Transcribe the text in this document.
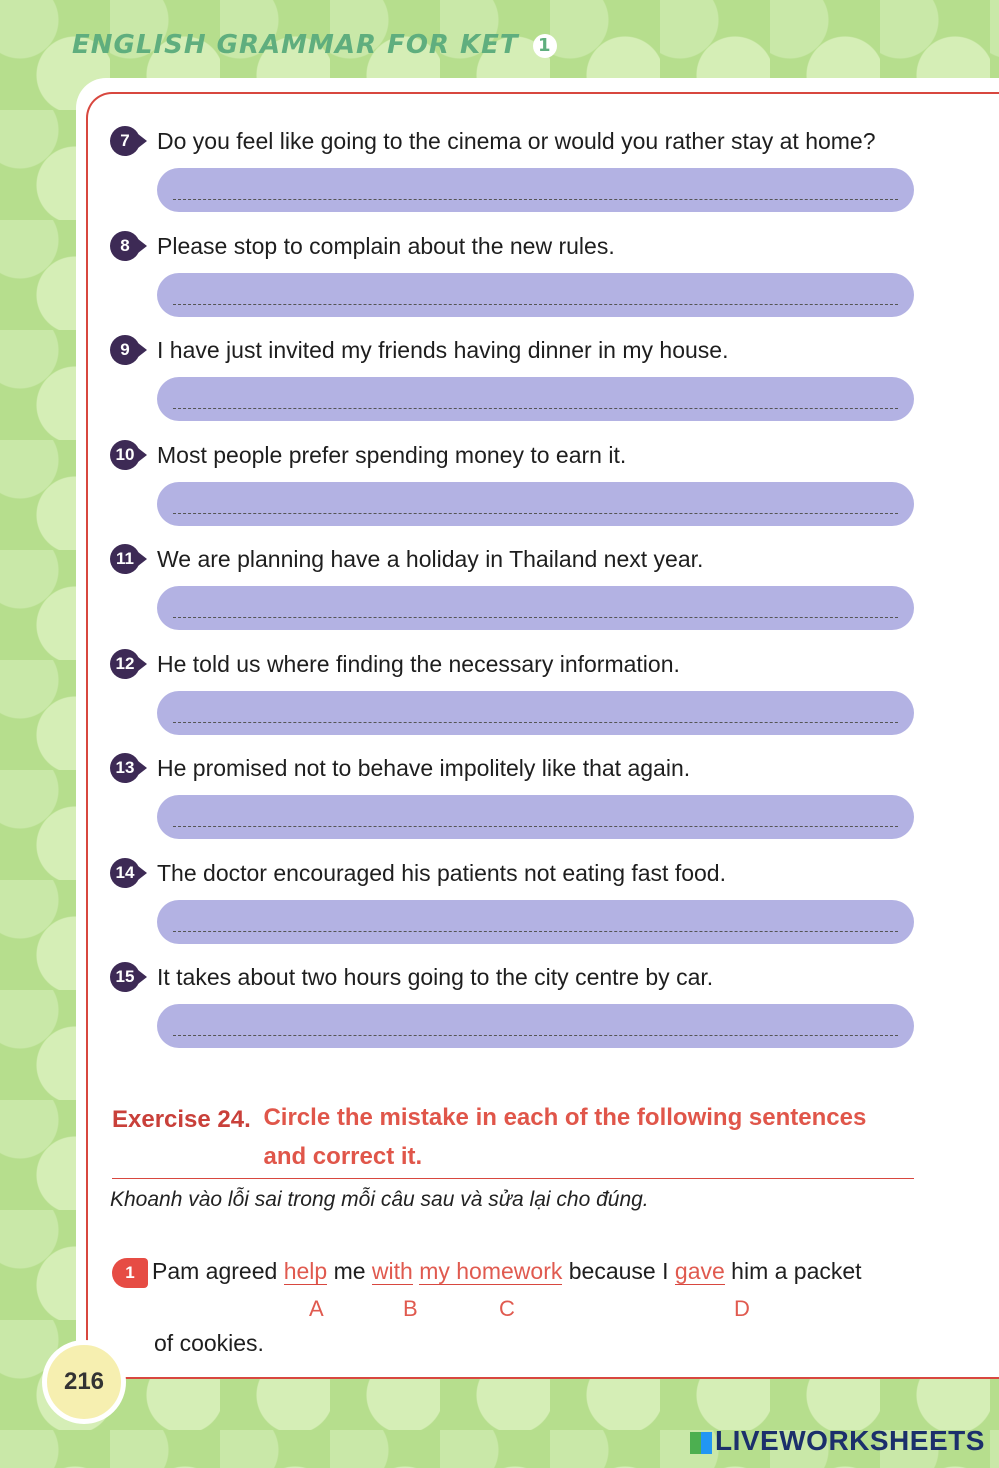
ENGLISH GRAMMAR FOR KET 1
7	Do you feel like going to the cinema or would you rather stay at home?
8	Please stop to complain about the new rules.
9	I have just invited my friends having dinner in my house.
10 Most people prefer spending money to earn it.
11 We are planning have a holiday in Thailand next year.
12 He told us where finding the necessary information.
13 He promised not to behave impolitely like that again.
14 The doctor encouraged his patients not eating fast food.
15 It takes about two hours going to the city centre by car.
Exercise 24. Circle the mistake in each of the following sentences and correct it.
Khoanh vào lỗi sai trong mỗi câu sau và sửa lại cho đúng.
1 Pam agreed help me with my homework because I gave him a packet
A	B	C	D
of cookies.
216
LIVEWORKSHEETS
